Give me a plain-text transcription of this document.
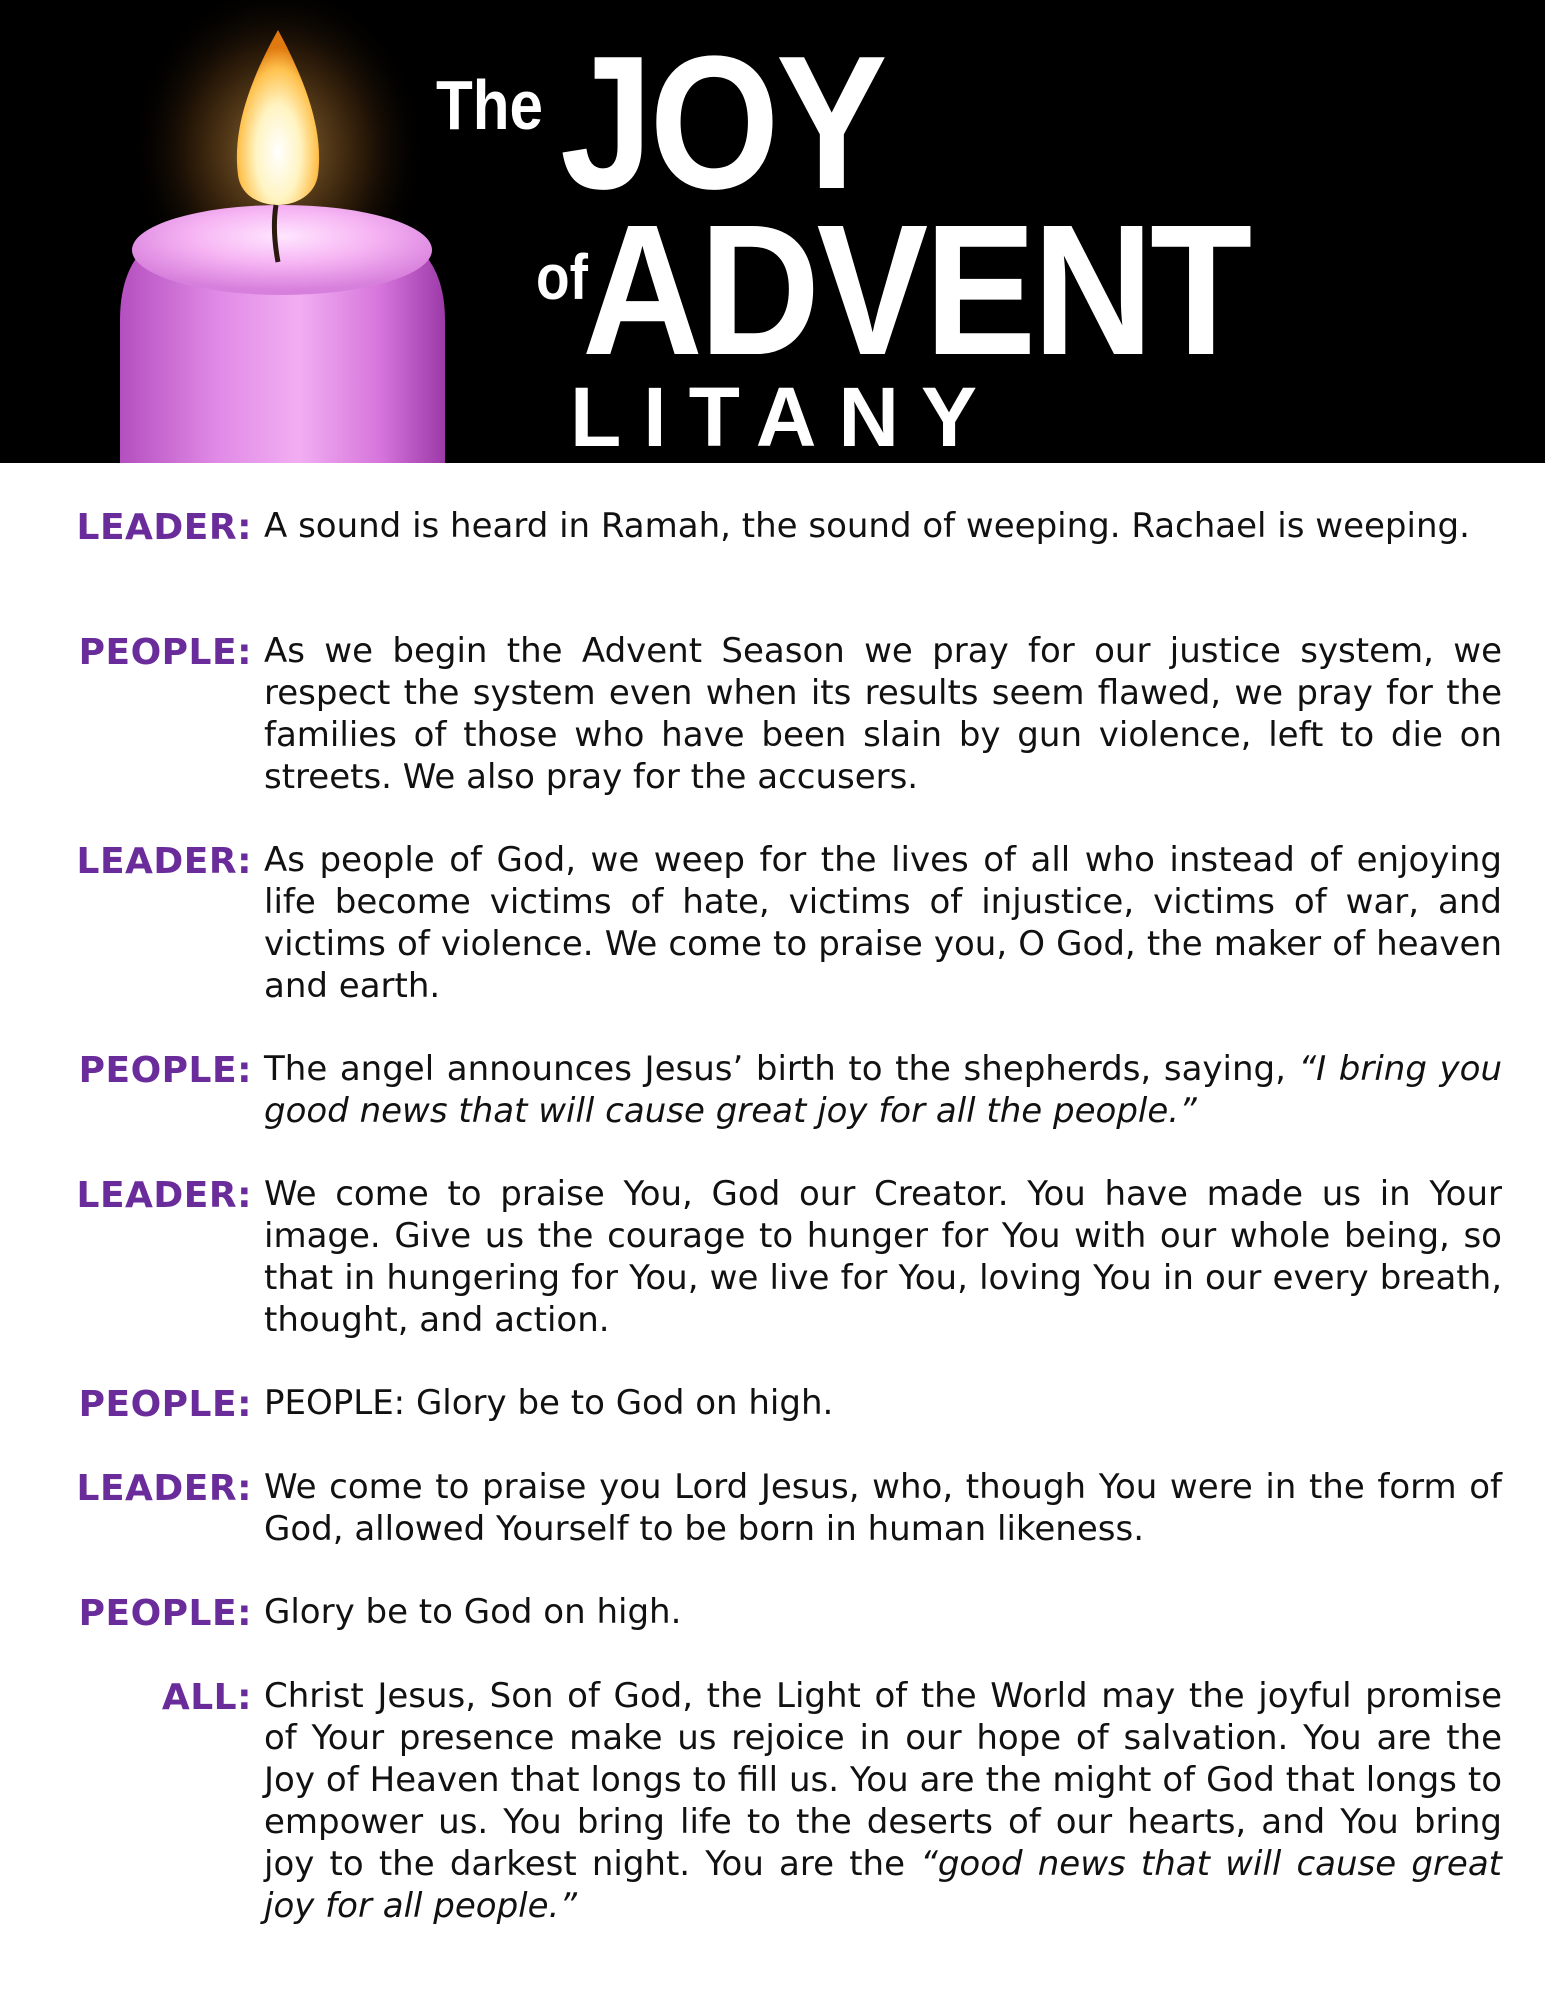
The JOY
of
ADVENT
LITANY
LEADER: A sound is heard in Ramah, the sound of weeping. Rachael is weeping.
PEOPLE: As we begin the Advent Season we pray for our justice system, we respect the system even when its results seem flawed, we pray for the families of those who have been slain by gun violence, left to die on streets. We also pray for the accusers.
LEADER: As people of God, we weep for the lives of all who instead of enjoying life become victims of hate, victims of injustice, victims of war, and victims of violence. We come to praise you, O God, the maker of heaven and earth.
PEOPLE: The angel announces Jesus’ birth to the shepherds, saying, “I bring you good news that will cause great joy for all the people.”
LEADER: We come to praise You, God our Creator. You have made us in Your image. Give us the courage to hunger for You with our whole being, so that in hungering for You, we live for You, loving You in our every breath, thought, and action.
PEOPLE: PEOPLE: Glory be to God on high.
LEADER: We come to praise you Lord Jesus, who, though You were in the form of God, allowed Yourself to be born in human likeness.
PEOPLE: Glory be to God on high.
ALL: Christ Jesus, Son of God, the Light of the World may the joyful promise of Your presence make us rejoice in our hope of salvation. You are the Joy of Heaven that longs to fill us. You are the might of God that longs to empower us. You bring life to the deserts of our hearts, and You bring joy to the darkest night. You are the “good news that will cause great joy for all people.”
